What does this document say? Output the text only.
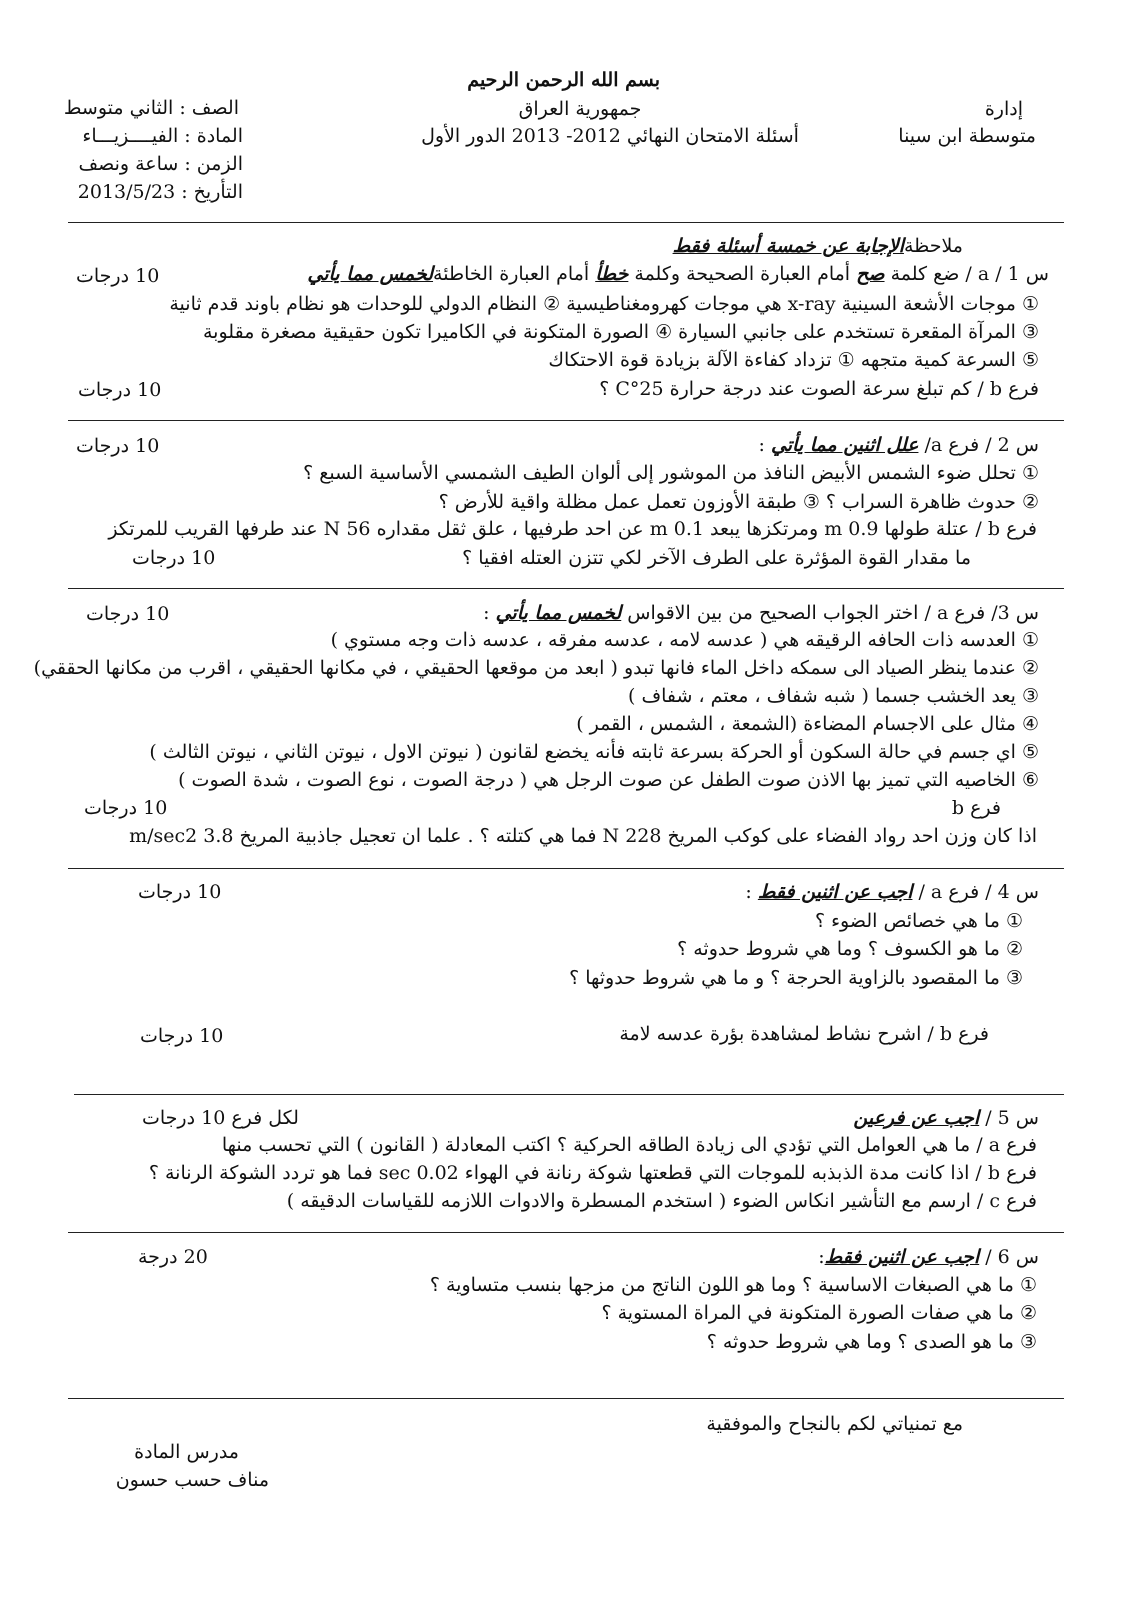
بسم الله الرحمن الرحيم
جمهورية العراق
أسئلة الامتحان النهائي 2012- 2013 الدور الأول
إدارة
متوسطة ابن سينا
الصف : الثاني متوسط
المادة : الفيــــزيـــاء
الزمن : ساعة ونصف
التأريخ : 2013/5/23
ملاحظةالإجابة عن خمسة أسئلة فقط
س 1 / a / ضع كلمة صح أمام العبارة الصحيحة وكلمة خطأ أمام العبارة الخاطئةلخمس مما يأتي
10 درجات
① موجات الأشعة السينية x-ray هي موجات كهرومغناطيسية ② النظام الدولي للوحدات هو نظام باوند قدم ثانية
③ المرآة المقعرة تستخدم على جانبي السيارة ④ الصورة المتكونة في الكاميرا تكون حقيقية مصغرة مقلوبة
⑤ السرعة كمية متجهه ① تزداد كفاءة الآلة بزيادة قوة الاحتكاك
فرع b / كم تبلغ سرعة الصوت عند درجة حرارة 25°C ؟
10 درجات
س 2 / فرع a/ علل اثنين مما يأتي :
10 درجات
① تحلل ضوء الشمس الأبيض النافذ من الموشور إلى ألوان الطيف الشمسي الأساسية السبع ؟
② حدوث ظاهرة السراب ؟ ③ طبقة الأوزون تعمل عمل مظلة واقية للأرض ؟
فرع b / عتلة طولها 0.9 m ومرتكزها يبعد 0.1 m عن احد طرفيها ، علق ثقل مقداره 56 N عند طرفها القريب للمرتكز
ما مقدار القوة المؤثرة على الطرف الآخر لكي تتزن العتله افقيا ؟
10 درجات
س 3/ فرع a / اختر الجواب الصحيح من بين الاقواس لخمس مما يأتي :
10 درجات
① العدسه ذات الحافه الرقيقه هي ( عدسه لامه ، عدسه مفرقه ، عدسه ذات وجه مستوي )
② عندما ينظر الصياد الى سمكه داخل الماء فانها تبدو ( ابعد من موقعها الحقيقي ، في مكانها الحقيقي ، اقرب من مكانها الحققي)
③ يعد الخشب جسما ( شبه شفاف ، معتم ، شفاف )
④ مثال على الاجسام المضاءة (الشمعة ، الشمس ، القمر )
⑤ اي جسم في حالة السكون أو الحركة بسرعة ثابته فأنه يخضع لقانون ( نيوتن الاول ، نيوتن الثاني ، نيوتن الثالث )
⑥ الخاصيه التي تميز بها الاذن صوت الطفل عن صوت الرجل هي ( درجة الصوت ، نوع الصوت ، شدة الصوت )
فرع b
10 درجات
اذا كان وزن احد رواد الفضاء على كوكب المريخ 228 N فما هي كتلته ؟ . علما ان تعجيل جاذبية المريخ 3.8 m/sec2
س 4 / فرع a / اجب عن اثنين فقط :
10 درجات
① ما هي خصائص الضوء ؟
② ما هو الكسوف ؟ وما هي شروط حدوثه ؟
③ ما المقصود بالزاوية الحرجة ؟ و ما هي شروط حدوثها ؟
فرع b / اشرح نشاط لمشاهدة بؤرة عدسه لامة
10 درجات
س 5 / اجب عن فرعين
لكل فرع 10 درجات
فرع a / ما هي العوامل التي تؤدي الى زيادة الطاقه الحركية ؟ اكتب المعادلة ( القانون ) التي تحسب منها
فرع b / اذا كانت مدة الذبذبه للموجات التي قطعتها شوكة رنانة في الهواء 0.02 sec فما هو تردد الشوكة الرنانة ؟
فرع c / ارسم مع التأشير انكاس الضوء ( استخدم المسطرة والادوات اللازمه للقياسات الدقيقه )
س 6 / اجب عن اثنين فقط:
20 درجة
① ما هي الصبغات الاساسية ؟ وما هو اللون الناتج من مزجها بنسب متساوية ؟
② ما هي صفات الصورة المتكونة في المراة المستوية ؟
③ ما هو الصدى ؟ وما هي شروط حدوثه ؟
مع تمنياتي لكم بالنجاح والموفقية
مدرس المادة
مناف حسب حسون
